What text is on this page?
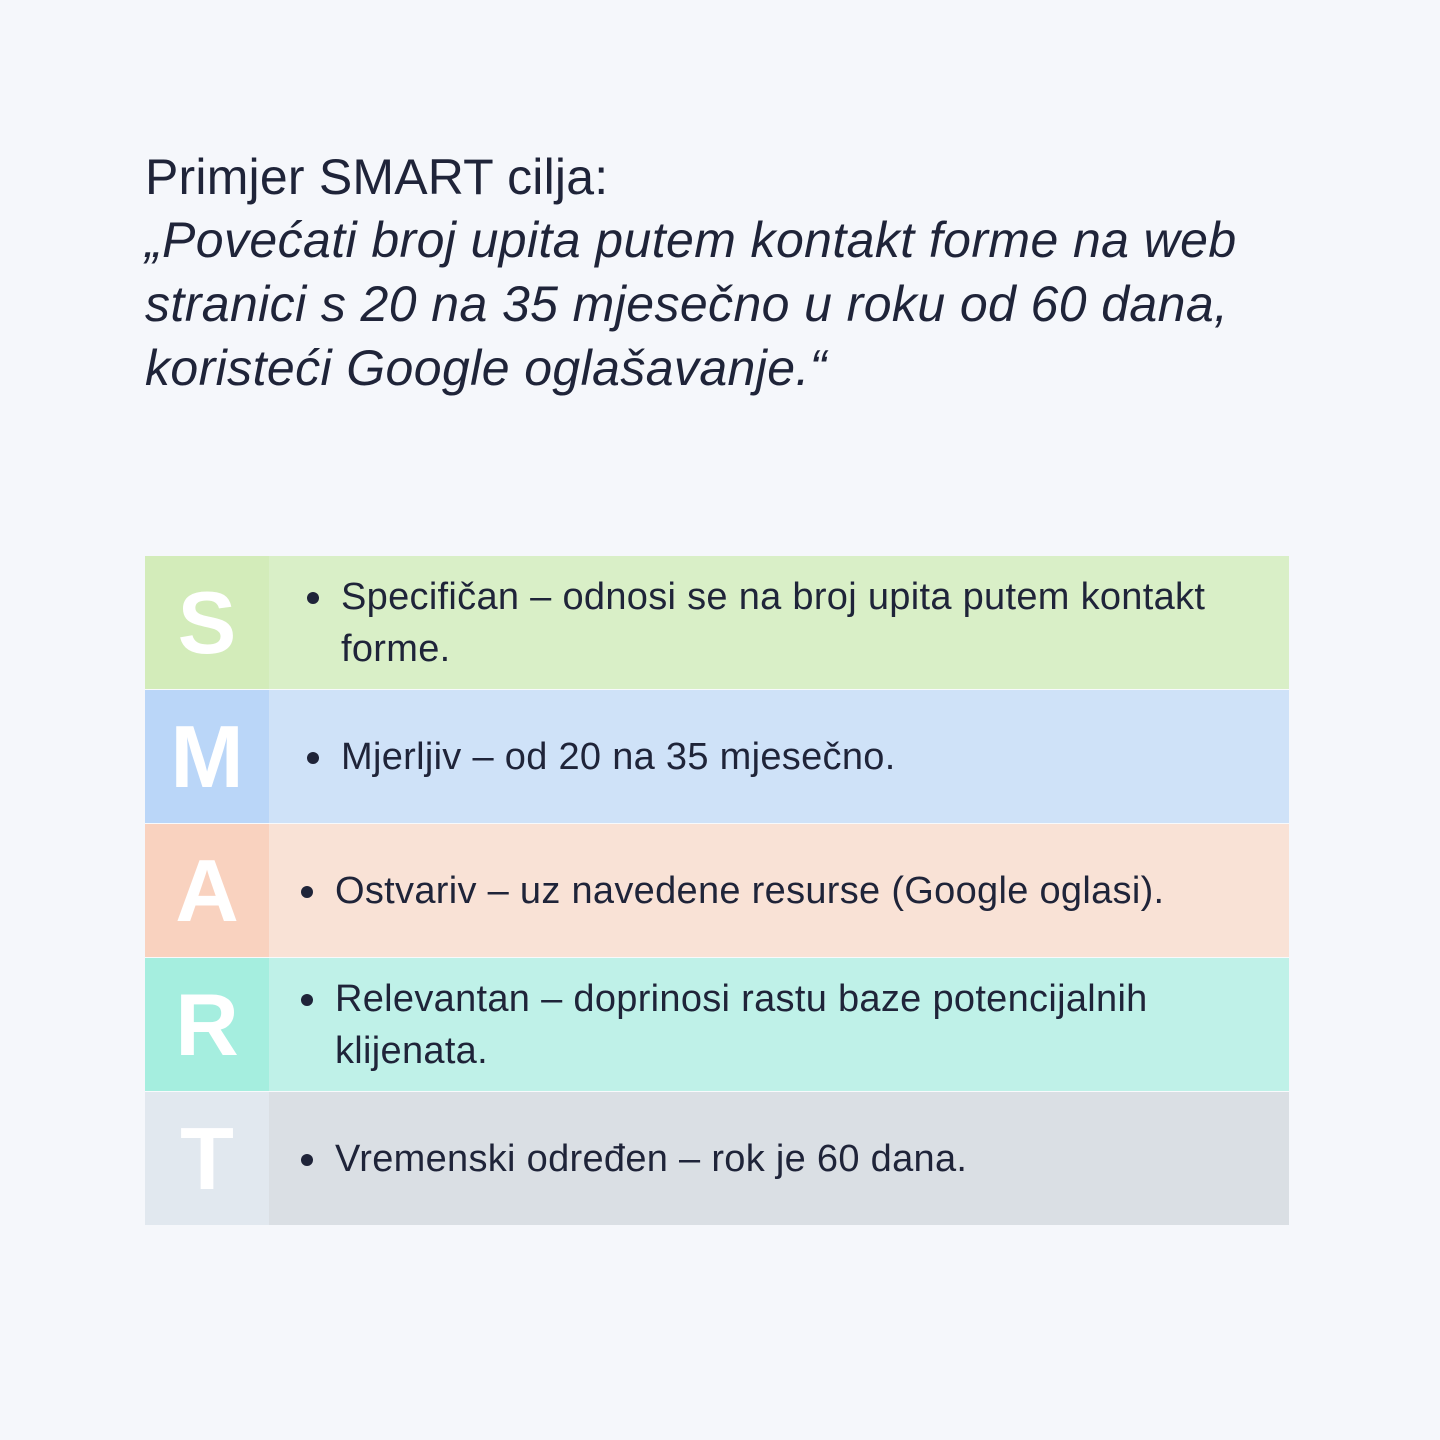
Primjer SMART cilja:

„Povećati broj upita putem kontakt forme na web stranici s 20 na 35 mjesečno u roku od 60 dana, koristeći Google oglašavanje.“

S	Specifičan – odnosi se na broj upita putem kontakt forme.
M	Mjerljiv – od 20 na 35 mjesečno.
A	Ostvariv – uz navedene resurse (Google oglasi).
R	Relevantan – doprinosi rastu baze potencijalnih klijenata.
T	Vremenski određen – rok je 60 dana.
